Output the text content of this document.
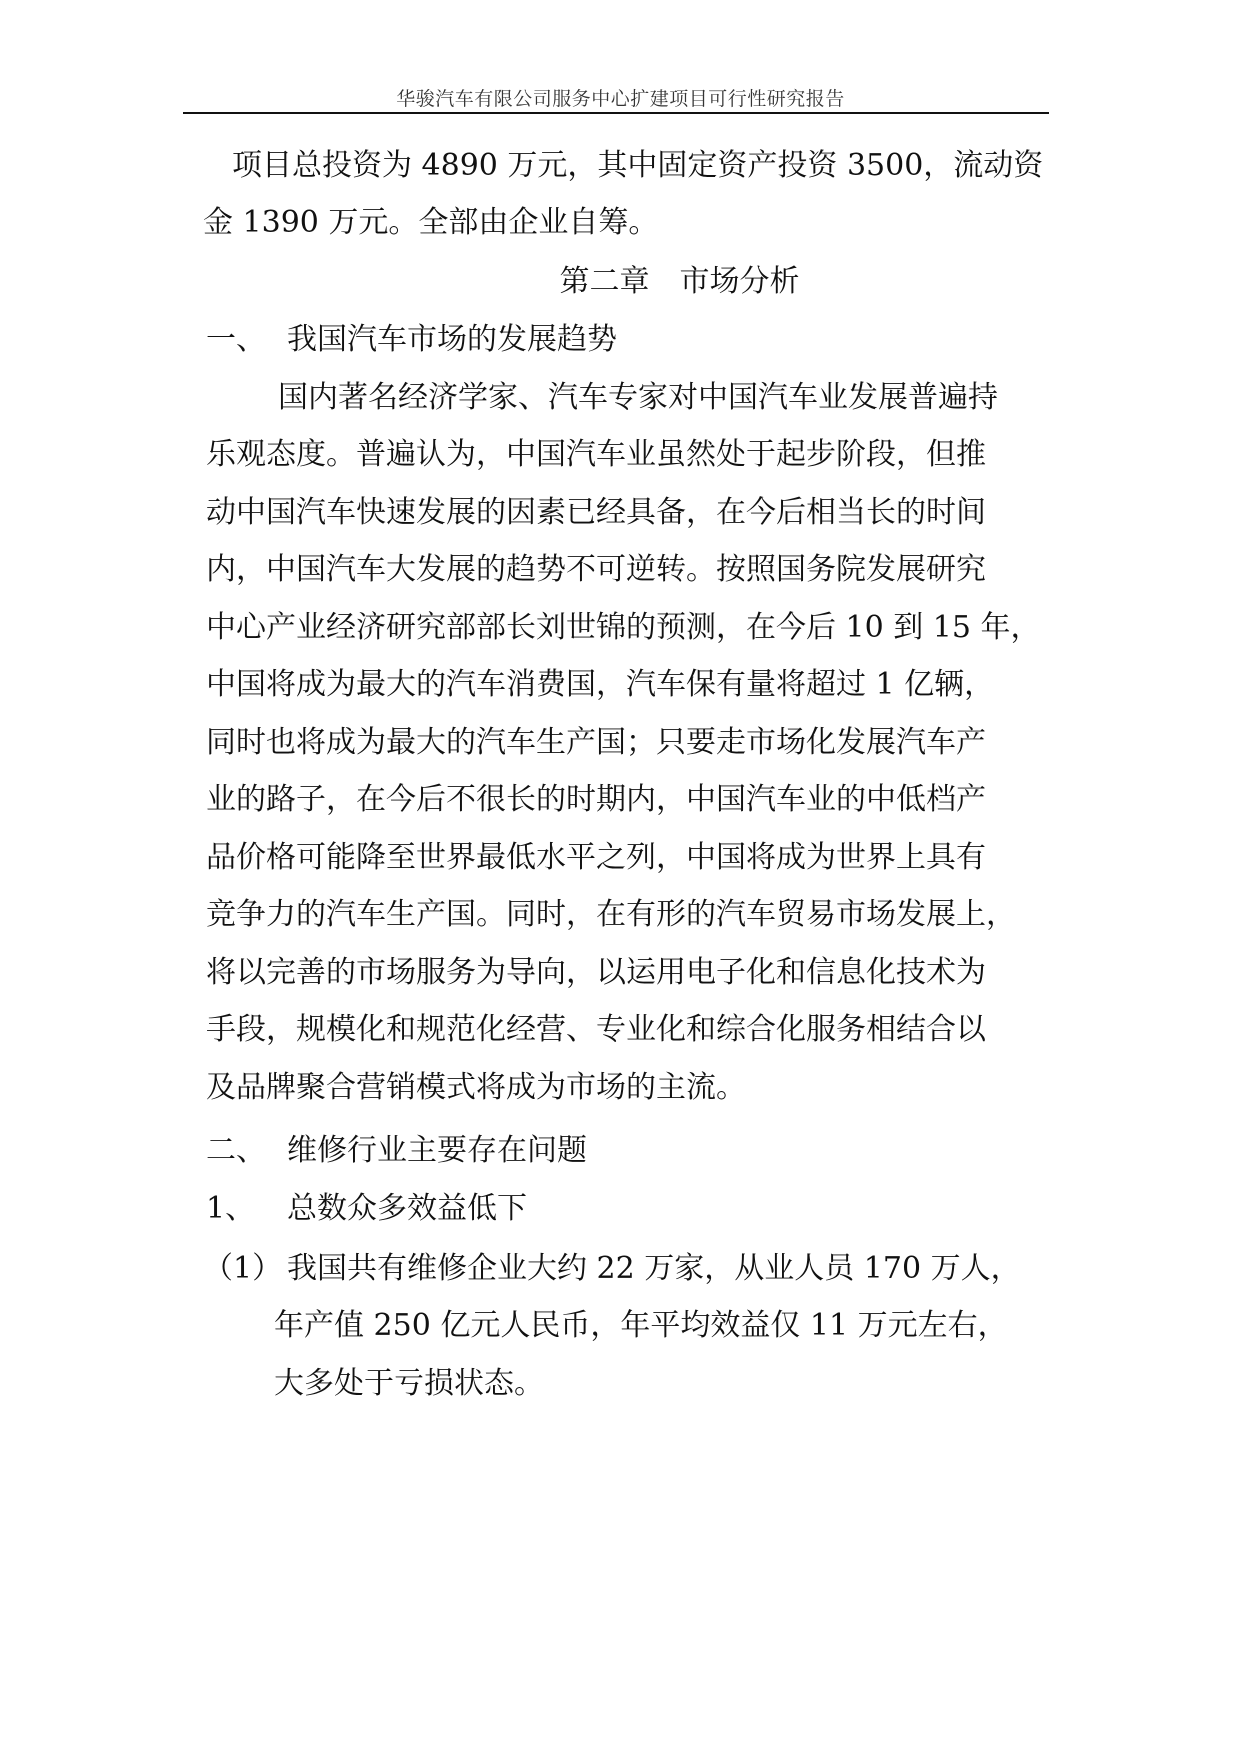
华骏汽车有限公司服务中心扩建项目可行性研究报告
项目总投资为 4890 万元，其中固定资产投资 3500，流动资
金 1390 万元。全部由企业自筹。
第二章　市场分析
一、 我国汽车市场的发展趋势
国内著名经济学家、汽车专家对中国汽车业发展普遍持
乐观态度。普遍认为，中国汽车业虽然处于起步阶段，但推
动中国汽车快速发展的因素已经具备，在今后相当长的时间
内，中国汽车大发展的趋势不可逆转。按照国务院发展研究
中心产业经济研究部部长刘世锦的预测，在今后 10 到 15 年，
中国将成为最大的汽车消费国，汽车保有量将超过 1 亿辆，
同时也将成为最大的汽车生产国；只要走市场化发展汽车产
业的路子，在今后不很长的时期内，中国汽车业的中低档产
品价格可能降至世界最低水平之列，中国将成为世界上具有
竞争力的汽车生产国。同时，在有形的汽车贸易市场发展上，
将以完善的市场服务为导向，以运用电子化和信息化技术为
手段，规模化和规范化经营、专业化和综合化服务相结合以
及品牌聚合营销模式将成为市场的主流。
二、 维修行业主要存在问题
1、 总数众多效益低下
（1） 我国共有维修企业大约 22 万家，从业人员 170 万人，
年产值 250 亿元人民币，年平均效益仅 11 万元左右，
大多处于亏损状态。
